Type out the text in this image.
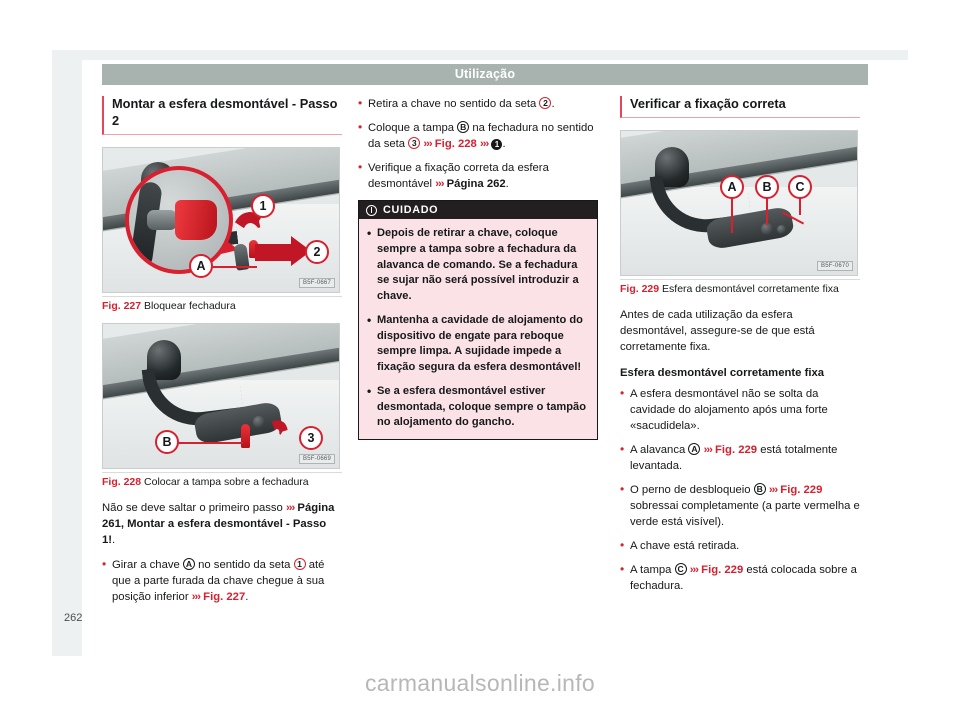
Utilização
Montar a esfera desmontável - Passo 2
1
2
A
B5F-0667
Fig. 227 Bloquear fechadura
B	3
B5F-0669
Fig. 228 Colocar a tampa sobre a fechadura
Não se deve saltar o primeiro passo ››› Página 261, Montar a esfera desmontável - Passo 1!.
• Girar a chave A no sentido da seta 1 até que a parte furada da chave chegue à sua posição inferior ››› Fig. 227.
• Retira a chave no sentido da seta 2 .
• Coloque a tampa B na fechadura no sentido da seta 3 ››› Fig. 228 ››› 1 .
• Verifique a fixação correta da esfera desmontável ››› Página 262.
CUIDADO
• Depois de retirar a chave, coloque sempre a tampa sobre a fechadura da alavanca de comando. Se a fechadura se sujar não será possível introduzir a chave.
• Mantenha a cavidade de alojamento do dispositivo de engate para reboque sempre limpa. A sujidade impede a fixação segura da esfera desmontável!
• Se a esfera desmontável estiver desmontada, coloque sempre o tampão no alojamento do gancho.
Verificar a fixação correta
A	B	C
B5F-0670
Fig. 229 Esfera desmontável corretamente fixa
Antes de cada utilização da esfera desmontável, assegure-se de que está corretamente fixa.
Esfera desmontável corretamente fixa
• A esfera desmontável não se solta da cavidade do alojamento após uma forte «sacudidela».
• A alavanca A ››› Fig. 229 está totalmente levantada.
• O perno de desbloqueio B ››› Fig. 229 sobressai completamente (a parte vermelha e verde está visível).
• A chave está retirada.
• A tampa C ››› Fig. 229 está colocada sobre a fechadura.
262
carmanualsonline.info
